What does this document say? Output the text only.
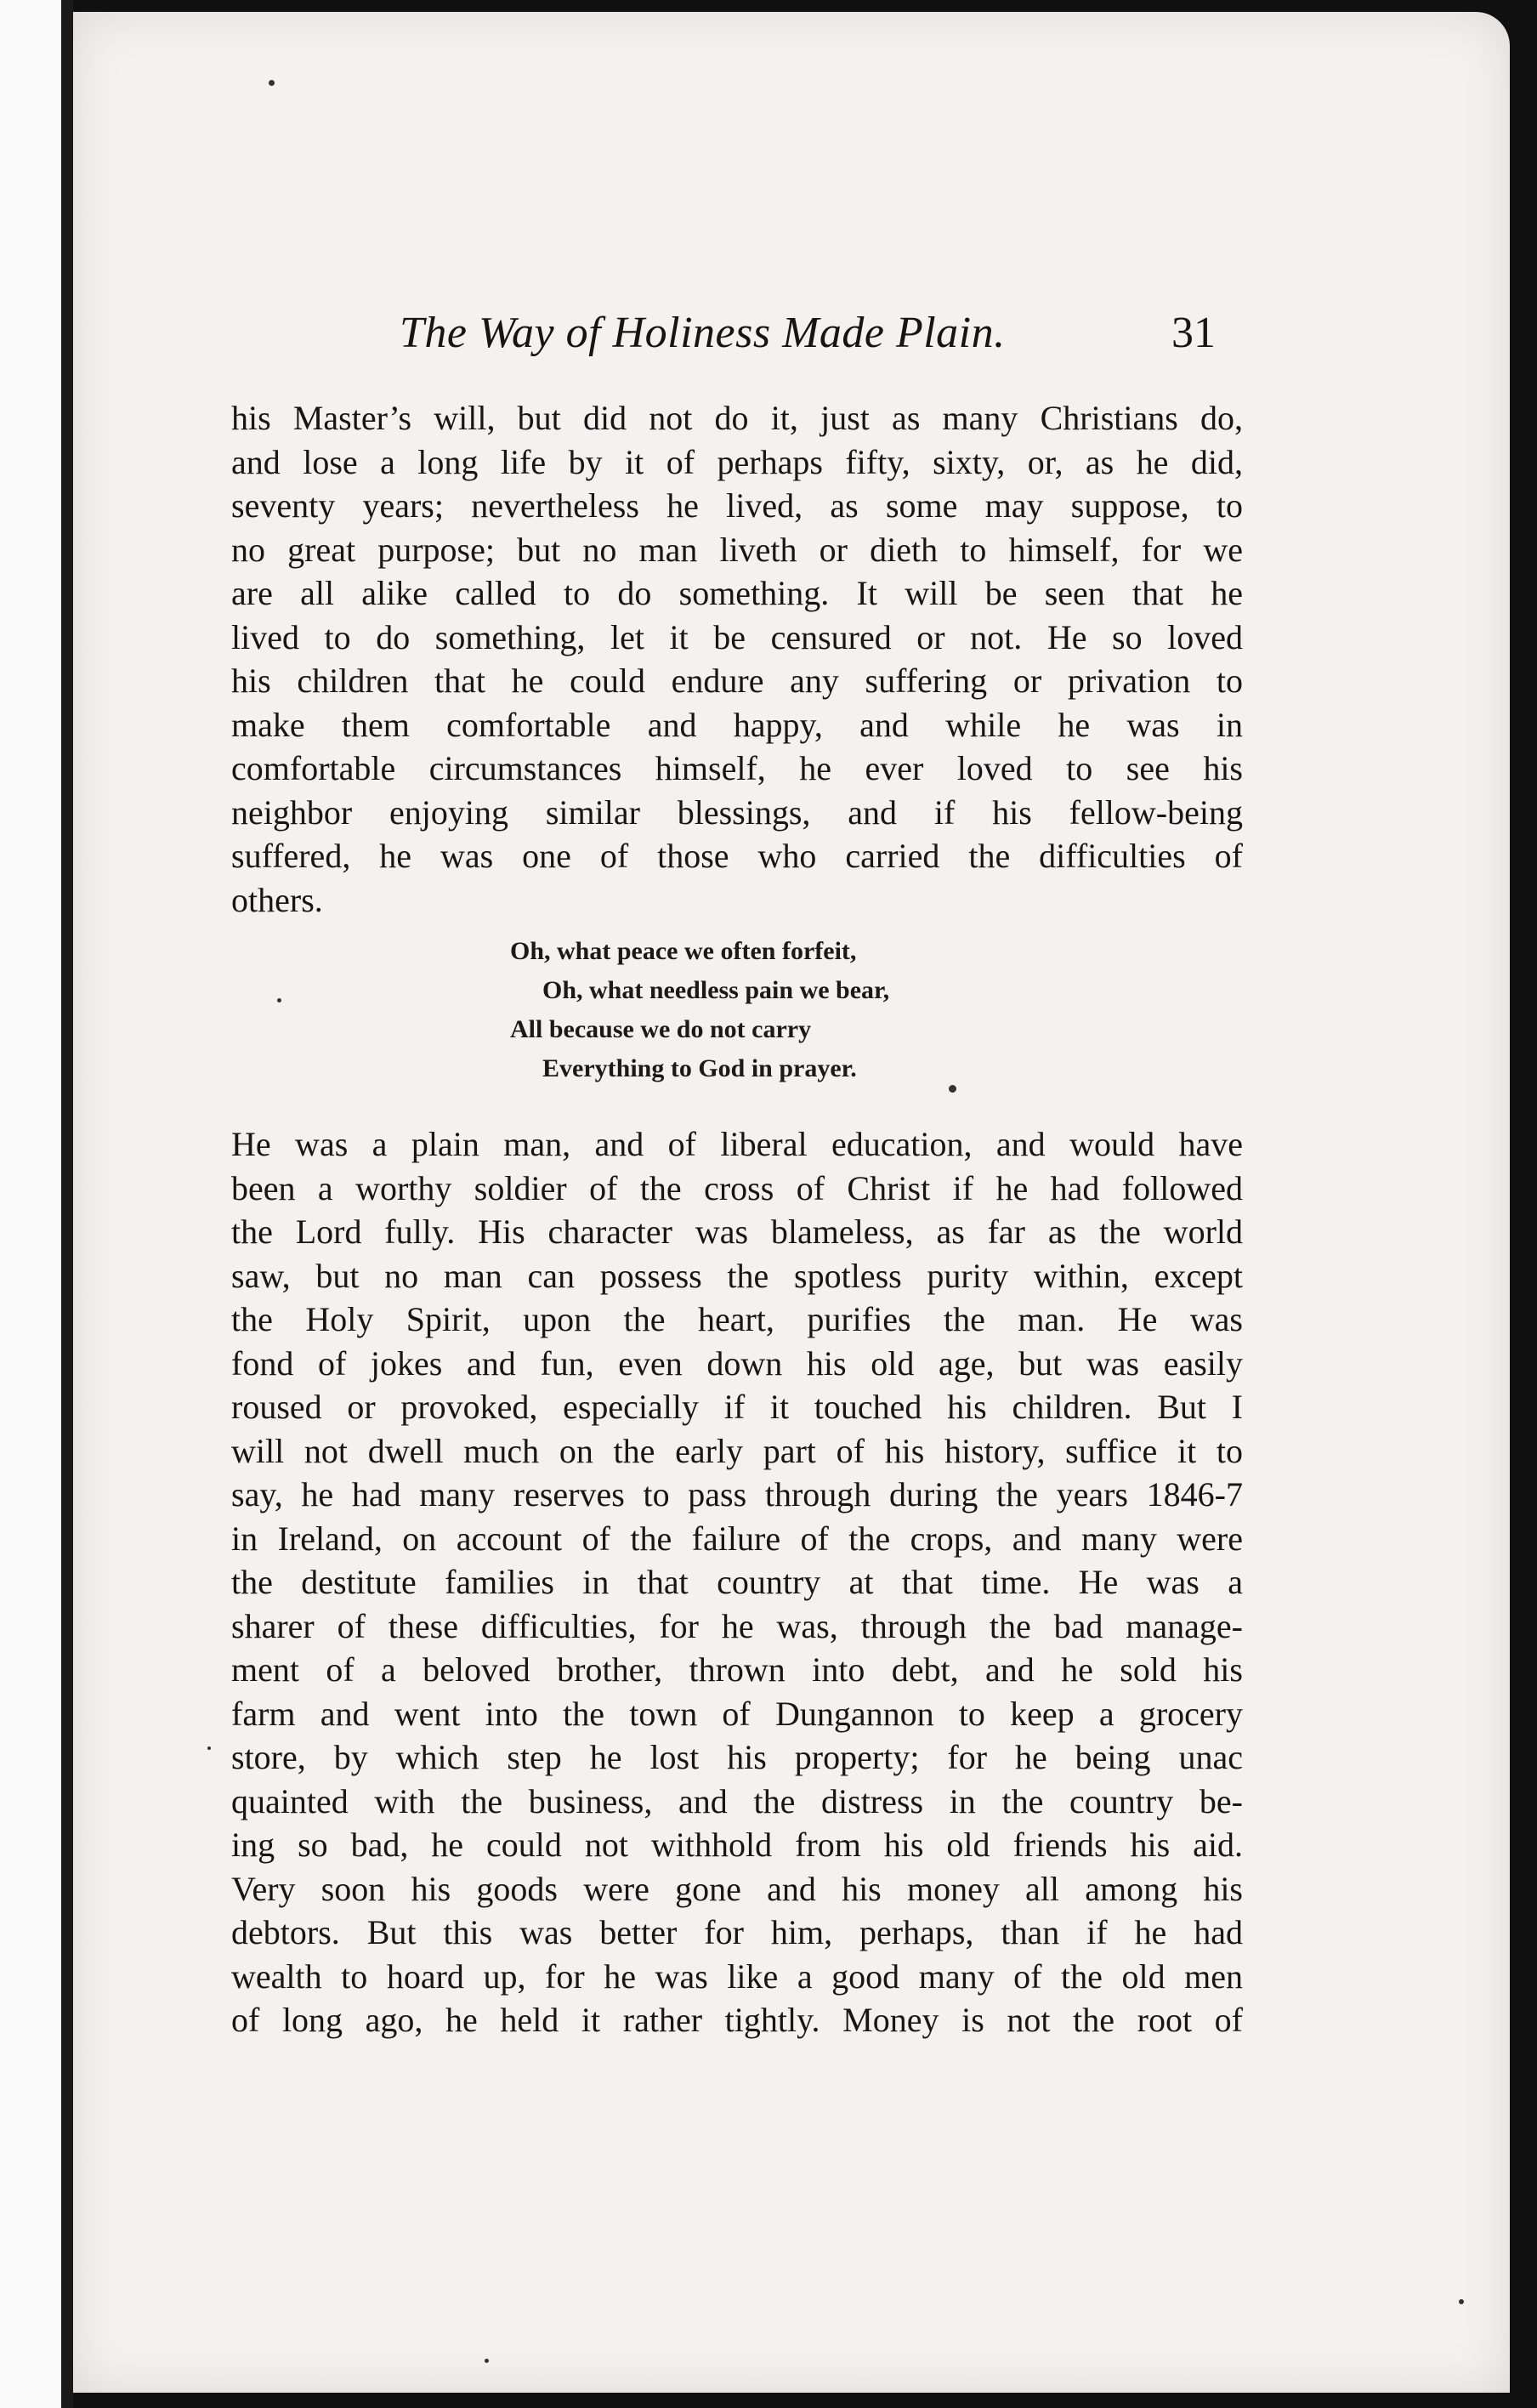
The Way of Holiness Made Plain.	31
his Master’s will, but did not do it, just as many Christians do,
and lose a long life by it of perhaps fifty, sixty, or, as he did,
seventy years; nevertheless he lived, as some may suppose, to
no great purpose; but no man liveth or dieth to himself, for we
are all alike called to do something. It will be seen that he
lived to do something, let it be censured or not. He so loved
his children that he could endure any suffering or privation to
make them comfortable and happy, and while he was in
comfortable circumstances himself, he ever loved to see his
neighbor enjoying similar blessings, and if his fellow-being
suffered, he was one of those who carried the difficulties of
others.
Oh, what peace we often forfeit,
Oh, what needless pain we bear,
All because we do not carry
Everything to God in prayer.
He was a plain man, and of liberal education, and would have
been a worthy soldier of the cross of Christ if he had followed
the Lord fully. His character was blameless, as far as the world
saw, but no man can possess the spotless purity within, except
the Holy Spirit, upon the heart, purifies the man. He was
fond of jokes and fun, even down his old age, but was easily
roused or provoked, especially if it touched his children. But I
will not dwell much on the early part of his history, suffice it to
say, he had many reserves to pass through during the years 1846-7
in Ireland, on account of the failure of the crops, and many were
the destitute families in that country at that time. He was a
sharer of these difficulties, for he was, through the bad manage-
ment of a beloved brother, thrown into debt, and he sold his
farm and went into the town of Dungannon to keep a grocery
store, by which step he lost his property; for he being unac
quainted with the business, and the distress in the country be-
ing so bad, he could not withhold from his old friends his aid.
Very soon his goods were gone and his money all among his
debtors. But this was better for him, perhaps, than if he had
wealth to hoard up, for he was like a good many of the old men
of long ago, he held it rather tightly. Money is not the root of
